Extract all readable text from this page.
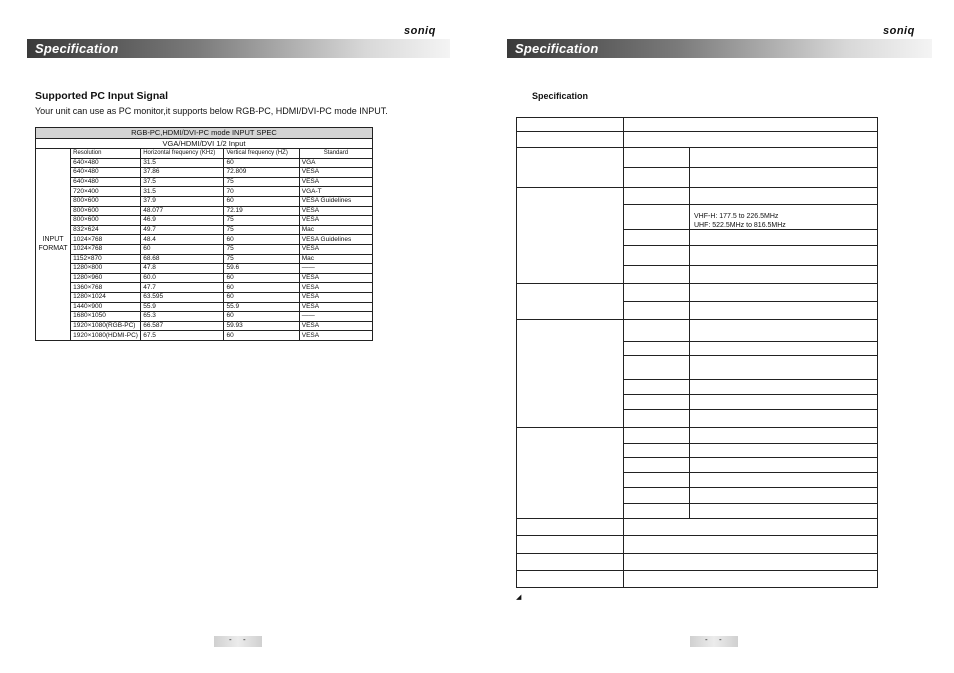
soniq
Specification
Supported PC Input Signal
Your unit can use as PC monitor,it supports below RGB-PC, HDMI/DVI-PC mode INPUT.
RGB-PC,HDMI/DVI-PC mode INPUT SPEC				
VGA/HDMI/DVI 1/2 Input				
INPUT FORMAT	Resolution	Horizontal frequency (KHz)	Vertical frequency (HZ)	Standard
	640×480	31.5	60	VGA
	640×480	37.86	72.809	VESA
	640×480	37.5	75	VESA
	720×400	31.5	70	VGA-T
	800×600	37.9	60	VESA Guidelines
	800×600	48.077	72.19	VESA
	800×600	46.9	75	VESA
	832×624	49.7	75	Mac
	1024×768	48.4	60	VESA Guidelines
	1024×768	60	75	VESA
	1152×870	68.68	75	Mac
	1280×800	47.8	59.6	——
	1280×960	60.0	60	VESA
	1360×768	47.7	60	VESA
	1280×1024	63.595	60	VESA
	1440×900	55.9	55.9	VESA
	1680×1050	65.3	60	——
	1920×1080(RGB-PC)	66.587	59.93	VESA
	1920×1080(HDMI-PC)	67.5	60	VESA
- -
soniq
Specification
Specification
VHF-H: 177.5 to 226.5MHz
UHF: 522.5MHz to 816.5MHz
◢
- -
